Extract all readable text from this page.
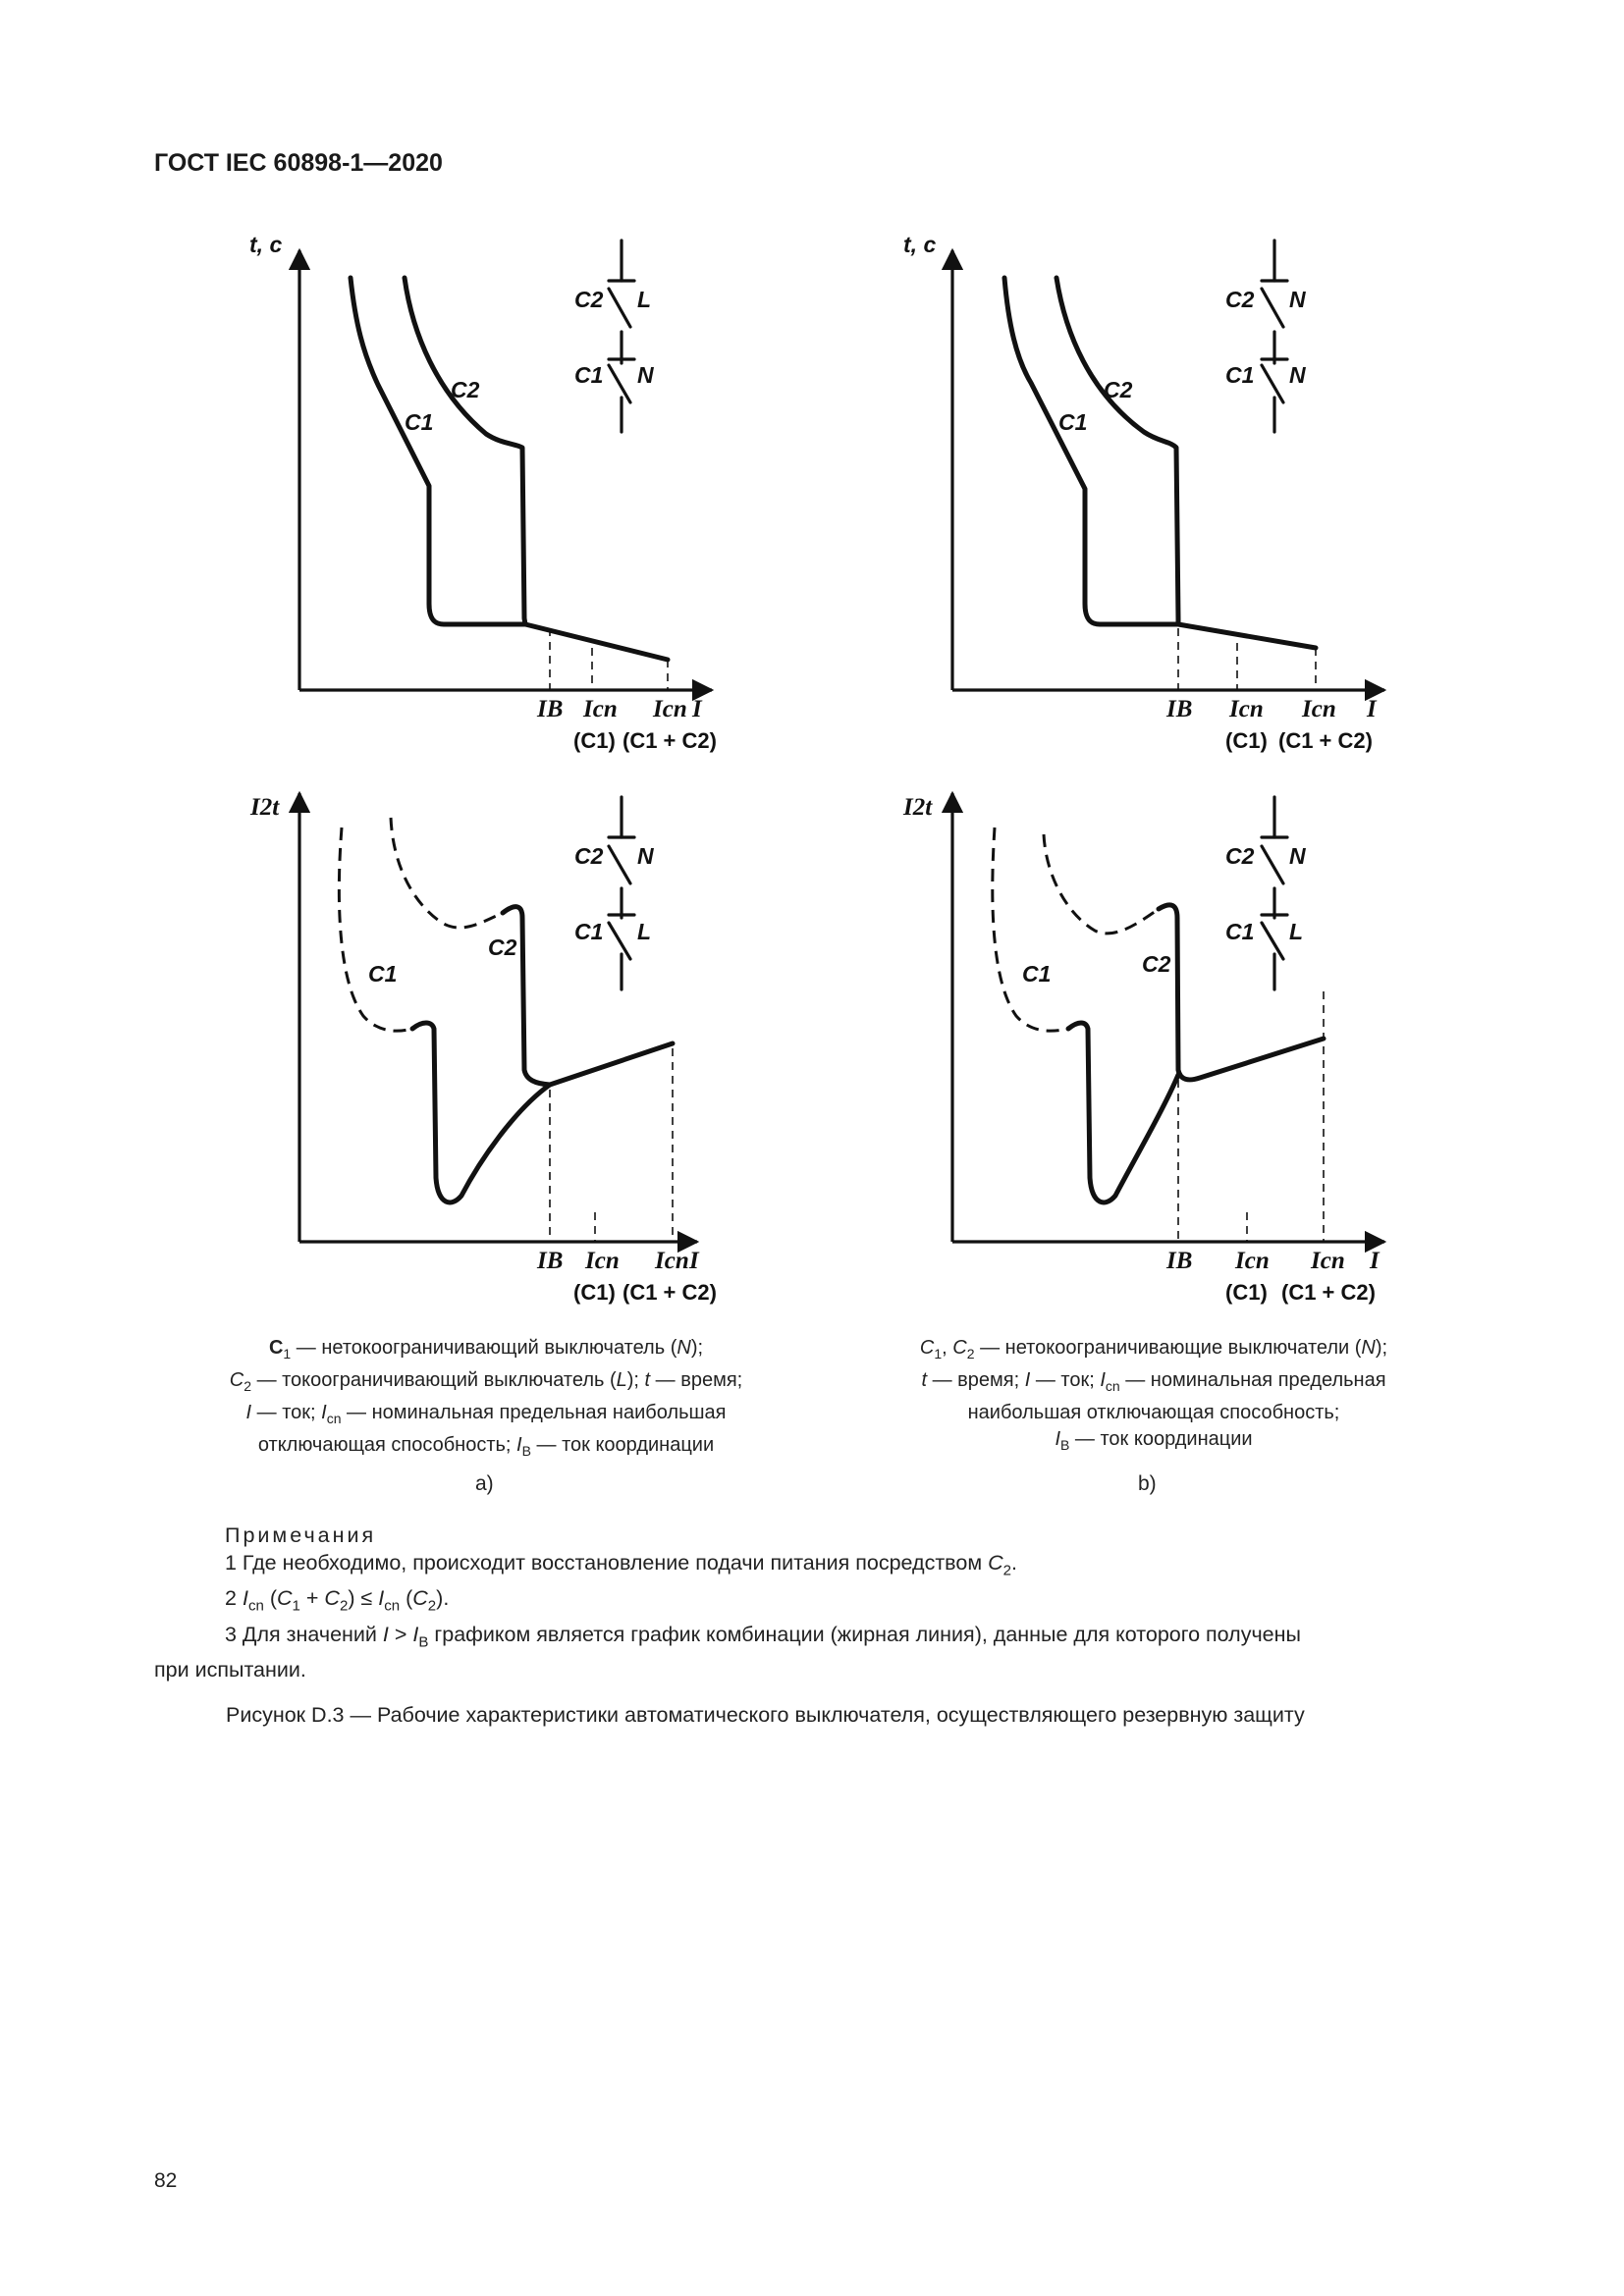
ГОСТ IEC 60898-1—2020
t, c
C1
C2
C2 L
C1 N
IB Icn Icn I
(C1) (C1 + C2)
t, c
C1
C2
C2 N
C1 N
IB Icn Icn I
(C1) (C1 + C2)
I2t
C1
C2
C2 N
C1 L
IB Icn Icn I
(C1) (C1 + C2)
I2t
C1	C2
C2 N
C1 L
IB Icn Icn I
(C1) (C1 + C2)
$C_1$ — нетокоограничивающий выключатель (N);
$C_2$ — токоограничивающий выключатель (L); t — время;
I — ток; $I_{cn}$ — номинальная предельная наибольшая
отключающая способность; $I_B$ — ток координации
$C_1$, $C_2$ — нетокоограничивающие выключатели (N);
t — время; I — ток; $I_{cn}$ — номинальная предельная
наибольшая отключающая способность;
$I_B$ — ток координации
a)	b)
Примечания
1 Где необходимо, происходит восстановление подачи питания посредством $C_2$.
2 $I_{cn}$ $(C_1 + C_2) \le I_{cn}$ $(C_2)$.
3 Для значений $I > I_B$ графиком является график комбинации (жирная линия), данные для которого получены
при испытании.
Рисунок D.3 — Рабочие характеристики автоматического выключателя, осуществляющего резервную защиту
82
